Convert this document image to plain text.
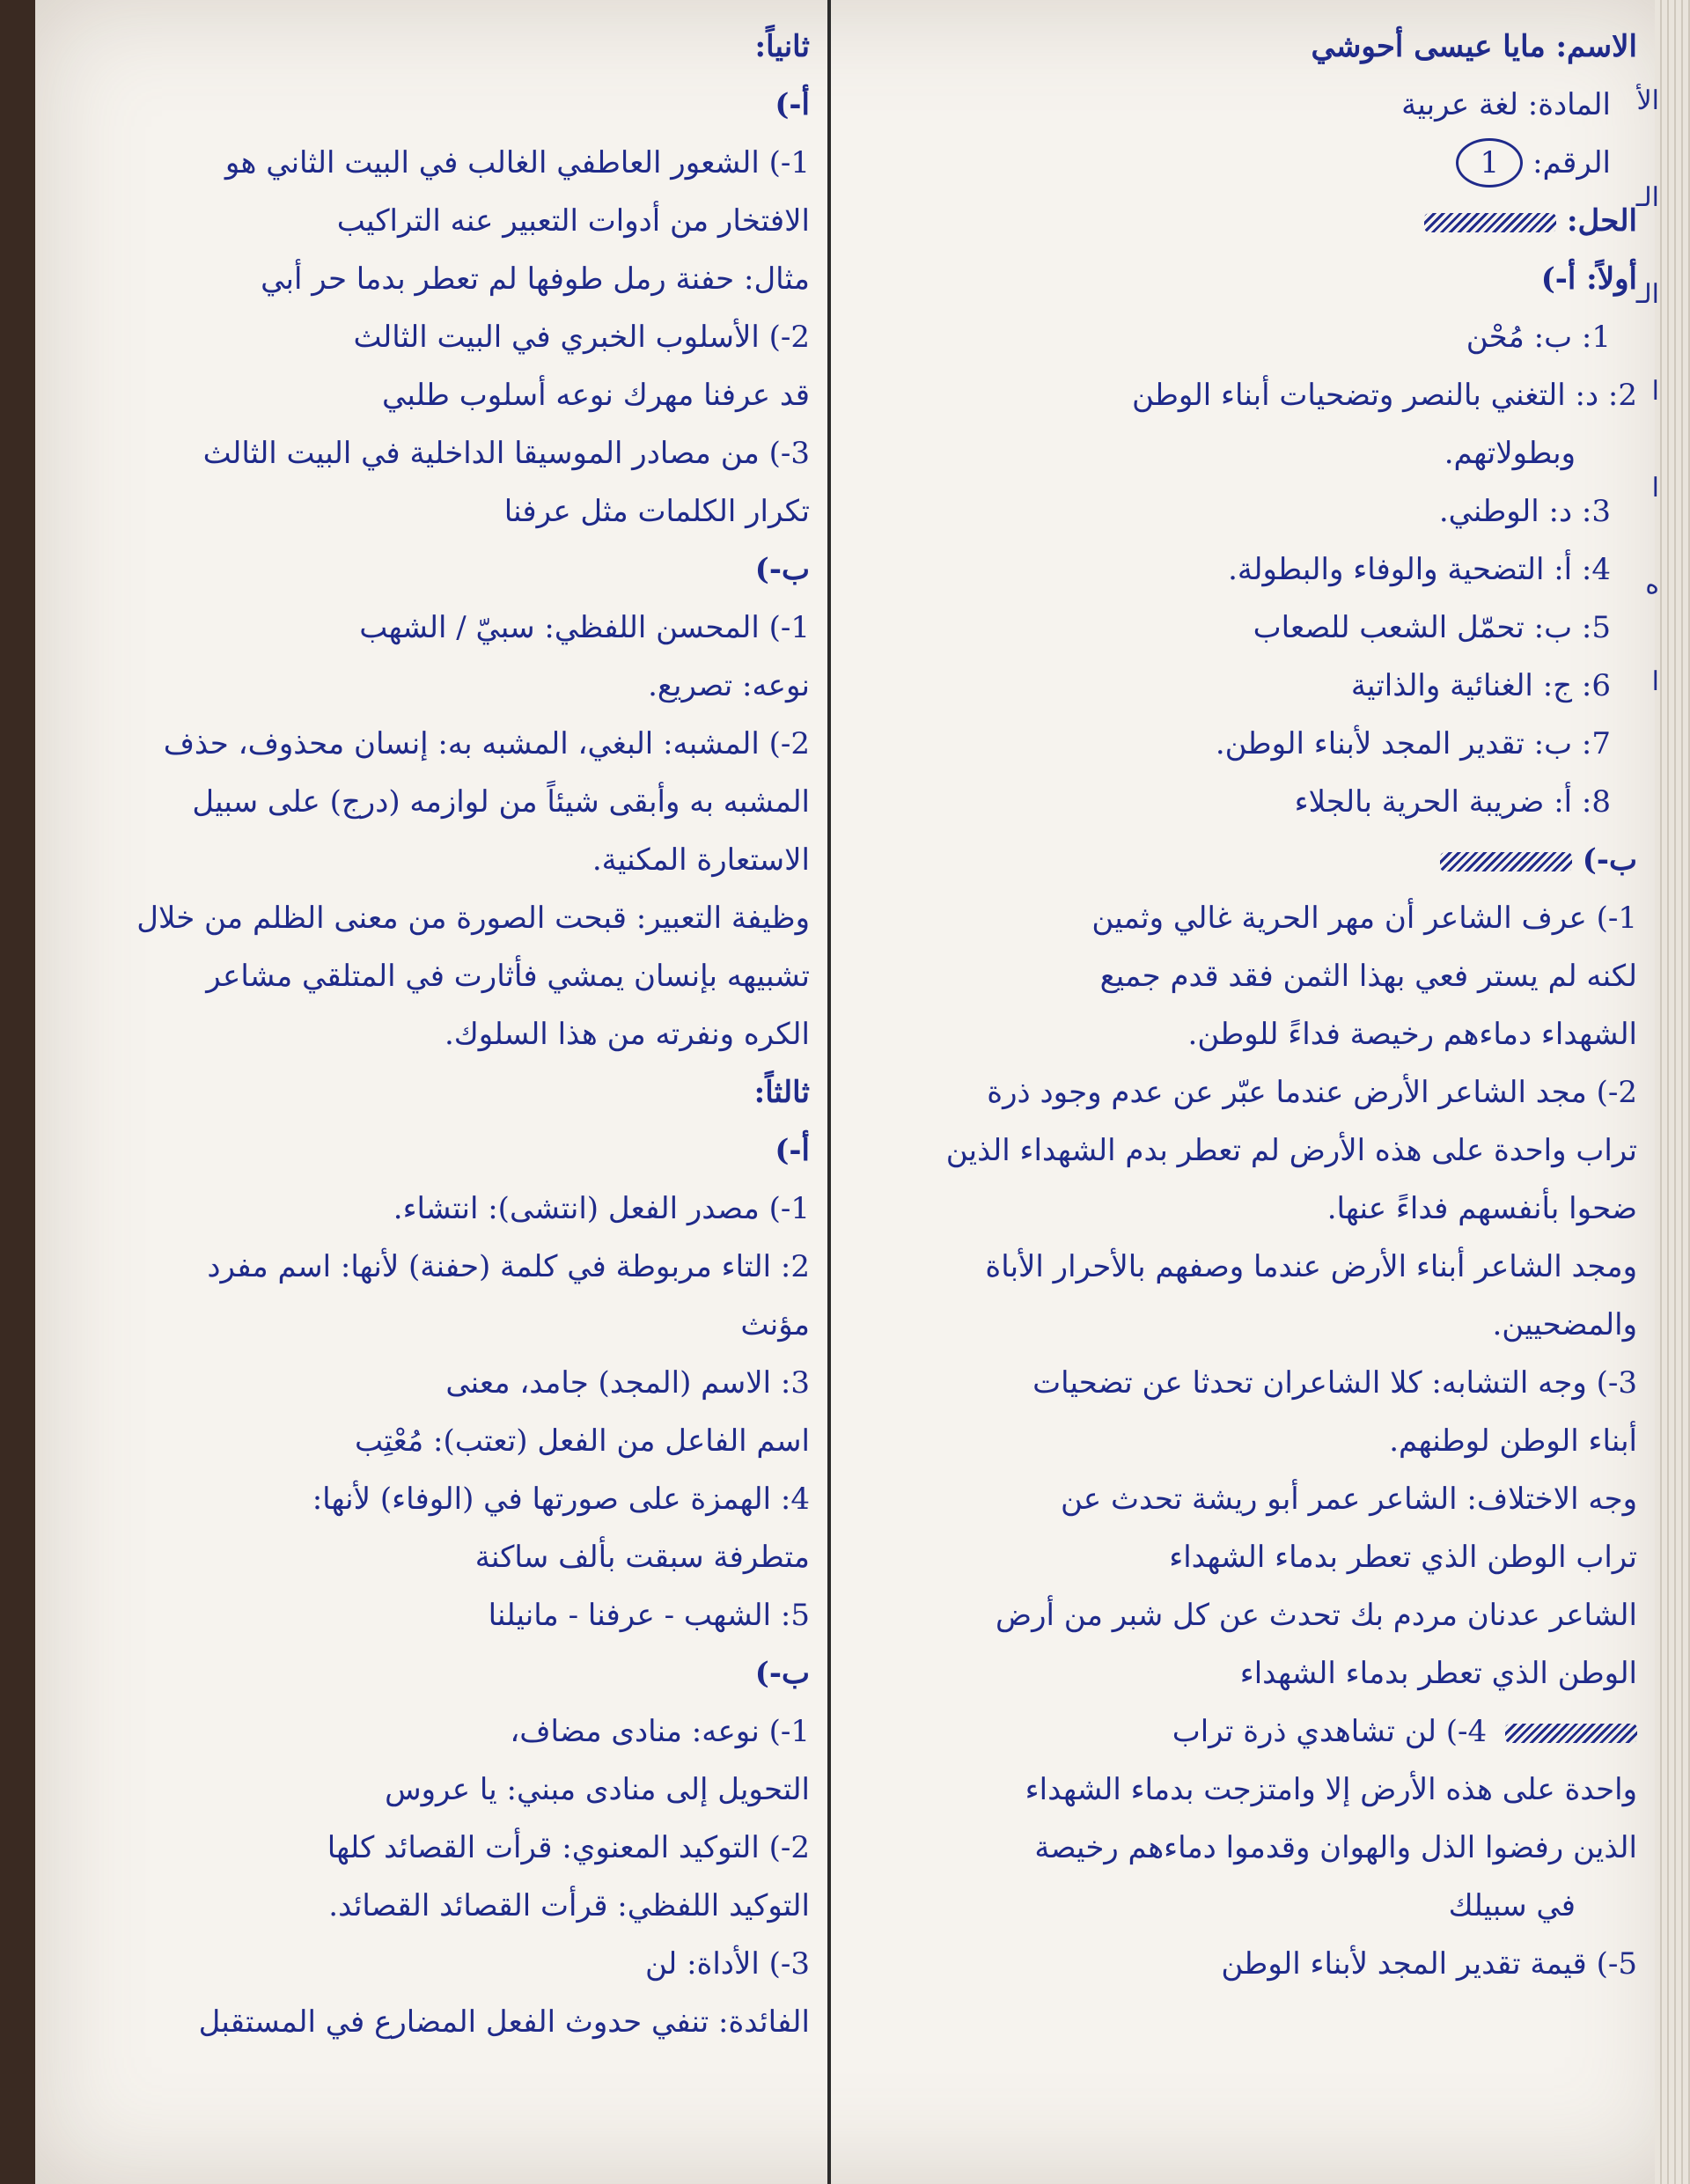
الأ
الـ
الـ
ا
ا
ه
ا
الاسم: مايا عيسى أحوشي
المادة: لغة عربية
الرقم: 1
الحل:
أولاً: أ-)
1: ب: مُحْن
2: د: التغني بالنصر وتضحيات أبناء الوطن
وبطولاتهم.
3: د: الوطني.
4: أ: التضحية والوفاء والبطولة.
5: ب: تحمّل الشعب للصعاب
6: ج: الغنائية والذاتية
7: ب: تقدير المجد لأبناء الوطن.
8: أ: ضريبة الحرية بالجلاء
ب-)
1-) عرف الشاعر أن مهر الحرية غالي وثمين
لكنه لم يستر فعي بهذا الثمن فقد قدم جميع
الشهداء دماءهم رخيصة فداءً للوطن.
2-) مجد الشاعر الأرض عندما عبّر عن عدم وجود ذرة
تراب واحدة على هذه الأرض لم تعطر بدم الشهداء الذين
ضحوا بأنفسهم فداءً عنها.
ومجد الشاعر أبناء الأرض عندما وصفهم بالأحرار الأباة
والمضحيين.
3-) وجه التشابه: كلا الشاعران تحدثا عن تضحيات
أبناء الوطن لوطنهم.
وجه الاختلاف: الشاعر عمر أبو ريشة تحدث عن
تراب الوطن الذي تعطر بدماء الشهداء
الشاعر عدنان مردم بك تحدث عن كل شبر من أرض
الوطن الذي تعطر بدماء الشهداء
4-) لن تشاهدي ذرة تراب
واحدة على هذه الأرض إلا وامتزجت بدماء الشهداء
الذين رفضوا الذل والهوان وقدموا دماءهم رخيصة
في سبيلك
5-) قيمة تقدير المجد لأبناء الوطن
ثانياً:
أ-)
1-) الشعور العاطفي الغالب في البيت الثاني هو
الافتخار من أدوات التعبير عنه التراكيب
مثال: حفنة رمل طوفها لم تعطر بدما حر أبي
2-) الأسلوب الخبري في البيت الثالث
قد عرفنا مهرك نوعه أسلوب طلبي
3-) من مصادر الموسيقا الداخلية في البيت الثالث
تكرار الكلمات مثل عرفنا
ب-)
1-) المحسن اللفظي: سبيّ / الشهب
نوعه: تصريع.
2-) المشبه: البغي، المشبه به: إنسان محذوف، حذف
المشبه به وأبقى شيئاً من لوازمه (درج) على سبيل
الاستعارة المكنية.
وظيفة التعبير: قبحت الصورة من معنى الظلم من خلال
تشبيهه بإنسان يمشي فأثارت في المتلقي مشاعر
الكره ونفرته من هذا السلوك.
ثالثاً:
أ-)
1-) مصدر الفعل (انتشى): انتشاء.
2: التاء مربوطة في كلمة (حفنة) لأنها: اسم مفرد
مؤنث
3: الاسم (المجد) جامد، معنى
اسم الفاعل من الفعل (تعتب): مُعْتِب
4: الهمزة على صورتها في (الوفاء) لأنها:
متطرفة سبقت بألف ساكنة
5: الشهب - عرفنا - مانيلنا
ب-)
1-) نوعه: منادى مضاف،
التحويل إلى منادى مبني: يا عروس
2-) التوكيد المعنوي: قرأت القصائد كلها
التوكيد اللفظي: قرأت القصائد القصائد.
3-) الأداة: لن
الفائدة: تنفي حدوث الفعل المضارع في المستقبل
